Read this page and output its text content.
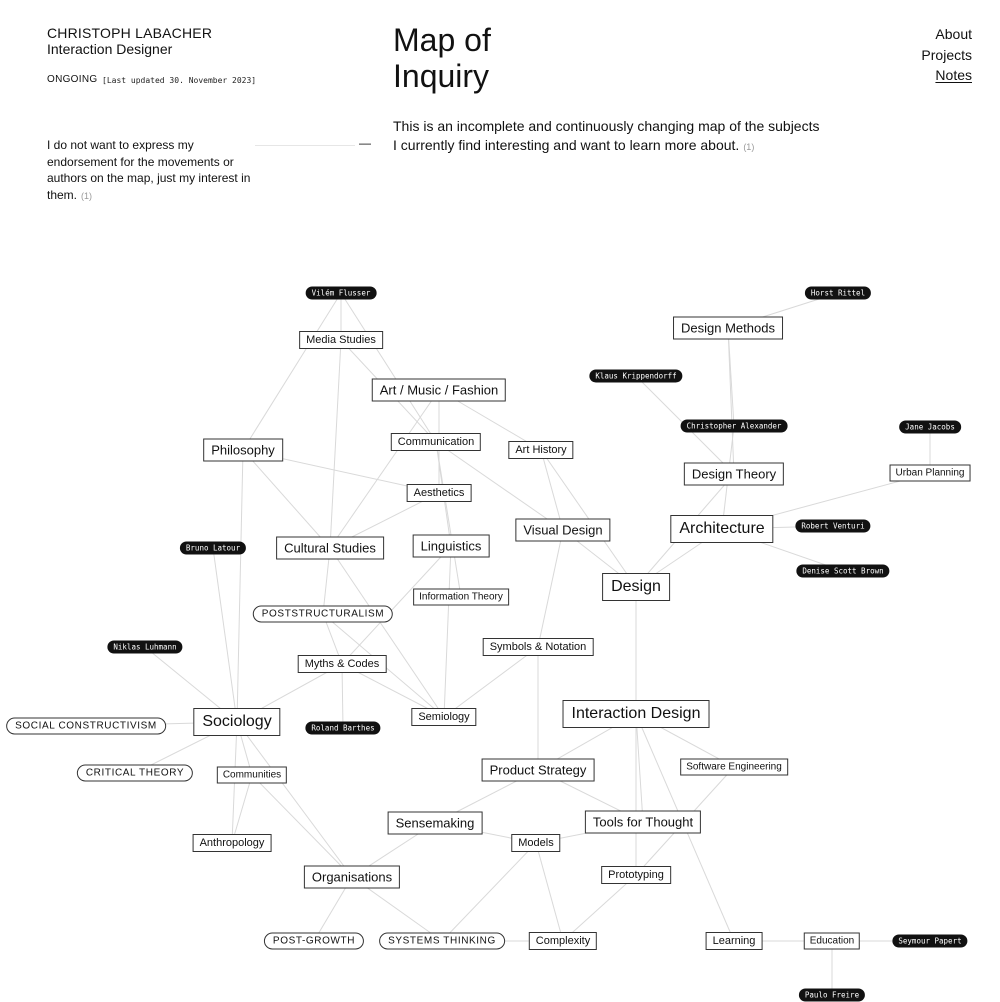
CHRISTOPH LABACHER
Interaction Designer
ONGOING [Last updated 30. November 2023]
Map of
Inquiry
About
Projects
Notes
I do not want to express my endorsement for the movements or authors on the map, just my interest in them. (1)
—
This is an incomplete and continuously changing map of the subjects I currently find interesting and want to learn more about. (1)
Vilém Flusser	Horst Rittel
Media Studies
Design Methods
Art / Music / Fashion
Klaus Krippendorff
Communication
Philosophy	Art History
Christopher Alexander	Jane Jacobs
Design Theory	Urban Planning
Aesthetics
Visual Design	Architecture	Robert Venturi
Linguistics
Cultural Studies
Bruno Latour
Denise Scott Brown
Design
Information Theory
POSTSTRUCTURALISM
Symbols & Notation
Niklas Luhmann
Myths & Codes
Interaction Design
Semiology
SOCIAL CONSTRUCTIVISM	Sociology	Roland Barthes
Software Engineering
Product Strategy
CRITICAL THEORY	Communities
Sensemaking	Tools for Thought
Anthropology	Models
Prototyping
Organisations
POST-GROWTH	SYSTEMS THINKING	Complexity	Learning	Education	Seymour Papert
Paulo Freire
